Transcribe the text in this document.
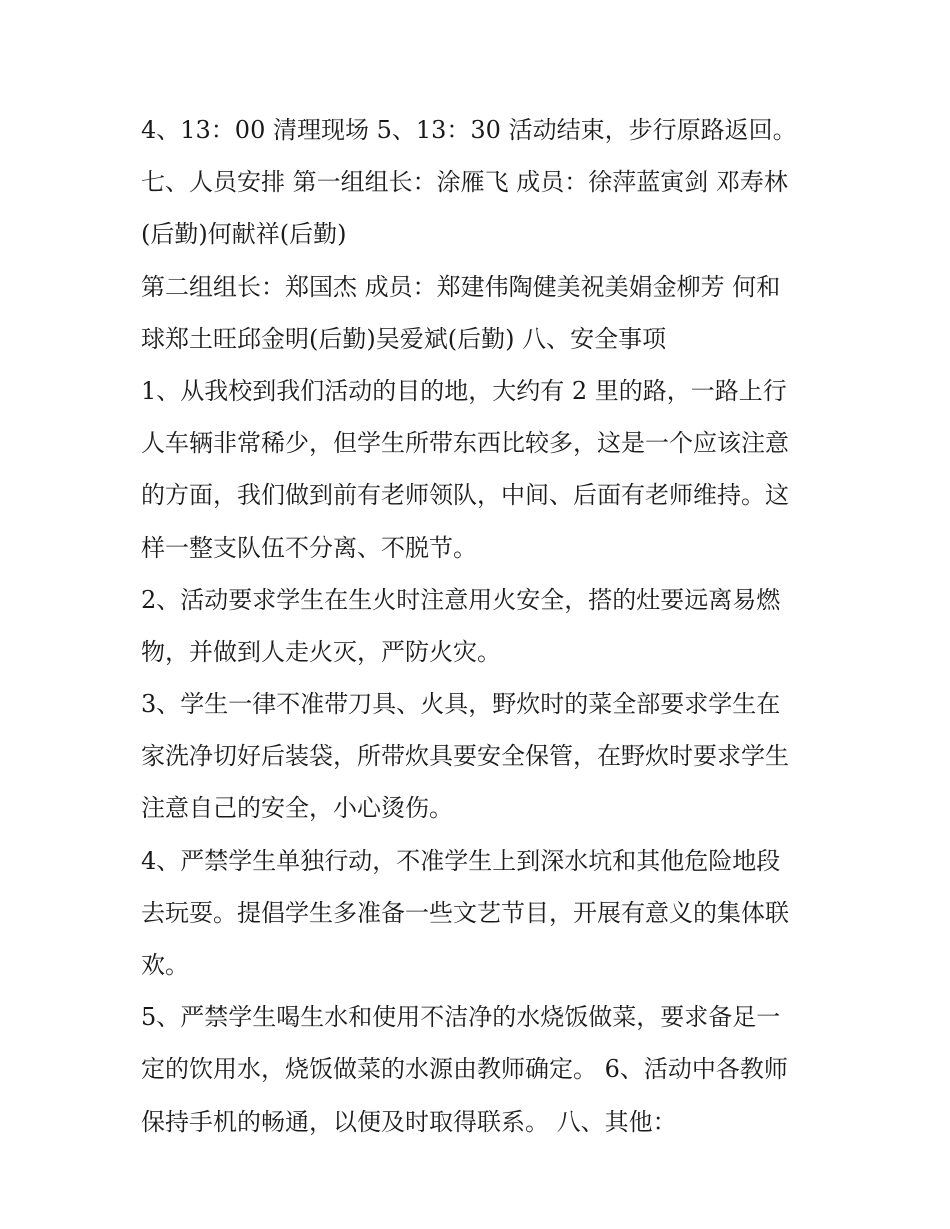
4、13：00 清理现场 5、13：30 活动结束，步行原路返回。
七、人员安排 第一组组长：涂雁飞 成员：徐萍蓝寅剑 邓寿林
(后勤)何献祥(后勤)
第二组组长：郑国杰 成员：郑建伟陶健美祝美娟金柳芳 何和
球郑土旺邱金明(后勤)吴爱斌(后勤) 八、安全事项
1、从我校到我们活动的目的地，大约有 2 里的路，一路上行
人车辆非常稀少，但学生所带东西比较多，这是一个应该注意
的方面，我们做到前有老师领队，中间、后面有老师维持。这
样一整支队伍不分离、不脱节。
2、活动要求学生在生火时注意用火安全，搭的灶要远离易燃
物，并做到人走火灭，严防火灾。
3、学生一律不准带刀具、火具，野炊时的菜全部要求学生在
家洗净切好后装袋，所带炊具要安全保管，在野炊时要求学生
注意自己的安全，小心烫伤。
4、严禁学生单独行动，不准学生上到深水坑和其他危险地段
去玩耍。提倡学生多准备一些文艺节目，开展有意义的集体联
欢。
5、严禁学生喝生水和使用不洁净的水烧饭做菜，要求备足一
定的饮用水，烧饭做菜的水源由教师确定。 6、活动中各教师
保持手机的畅通，以便及时取得联系。 八、其他：
